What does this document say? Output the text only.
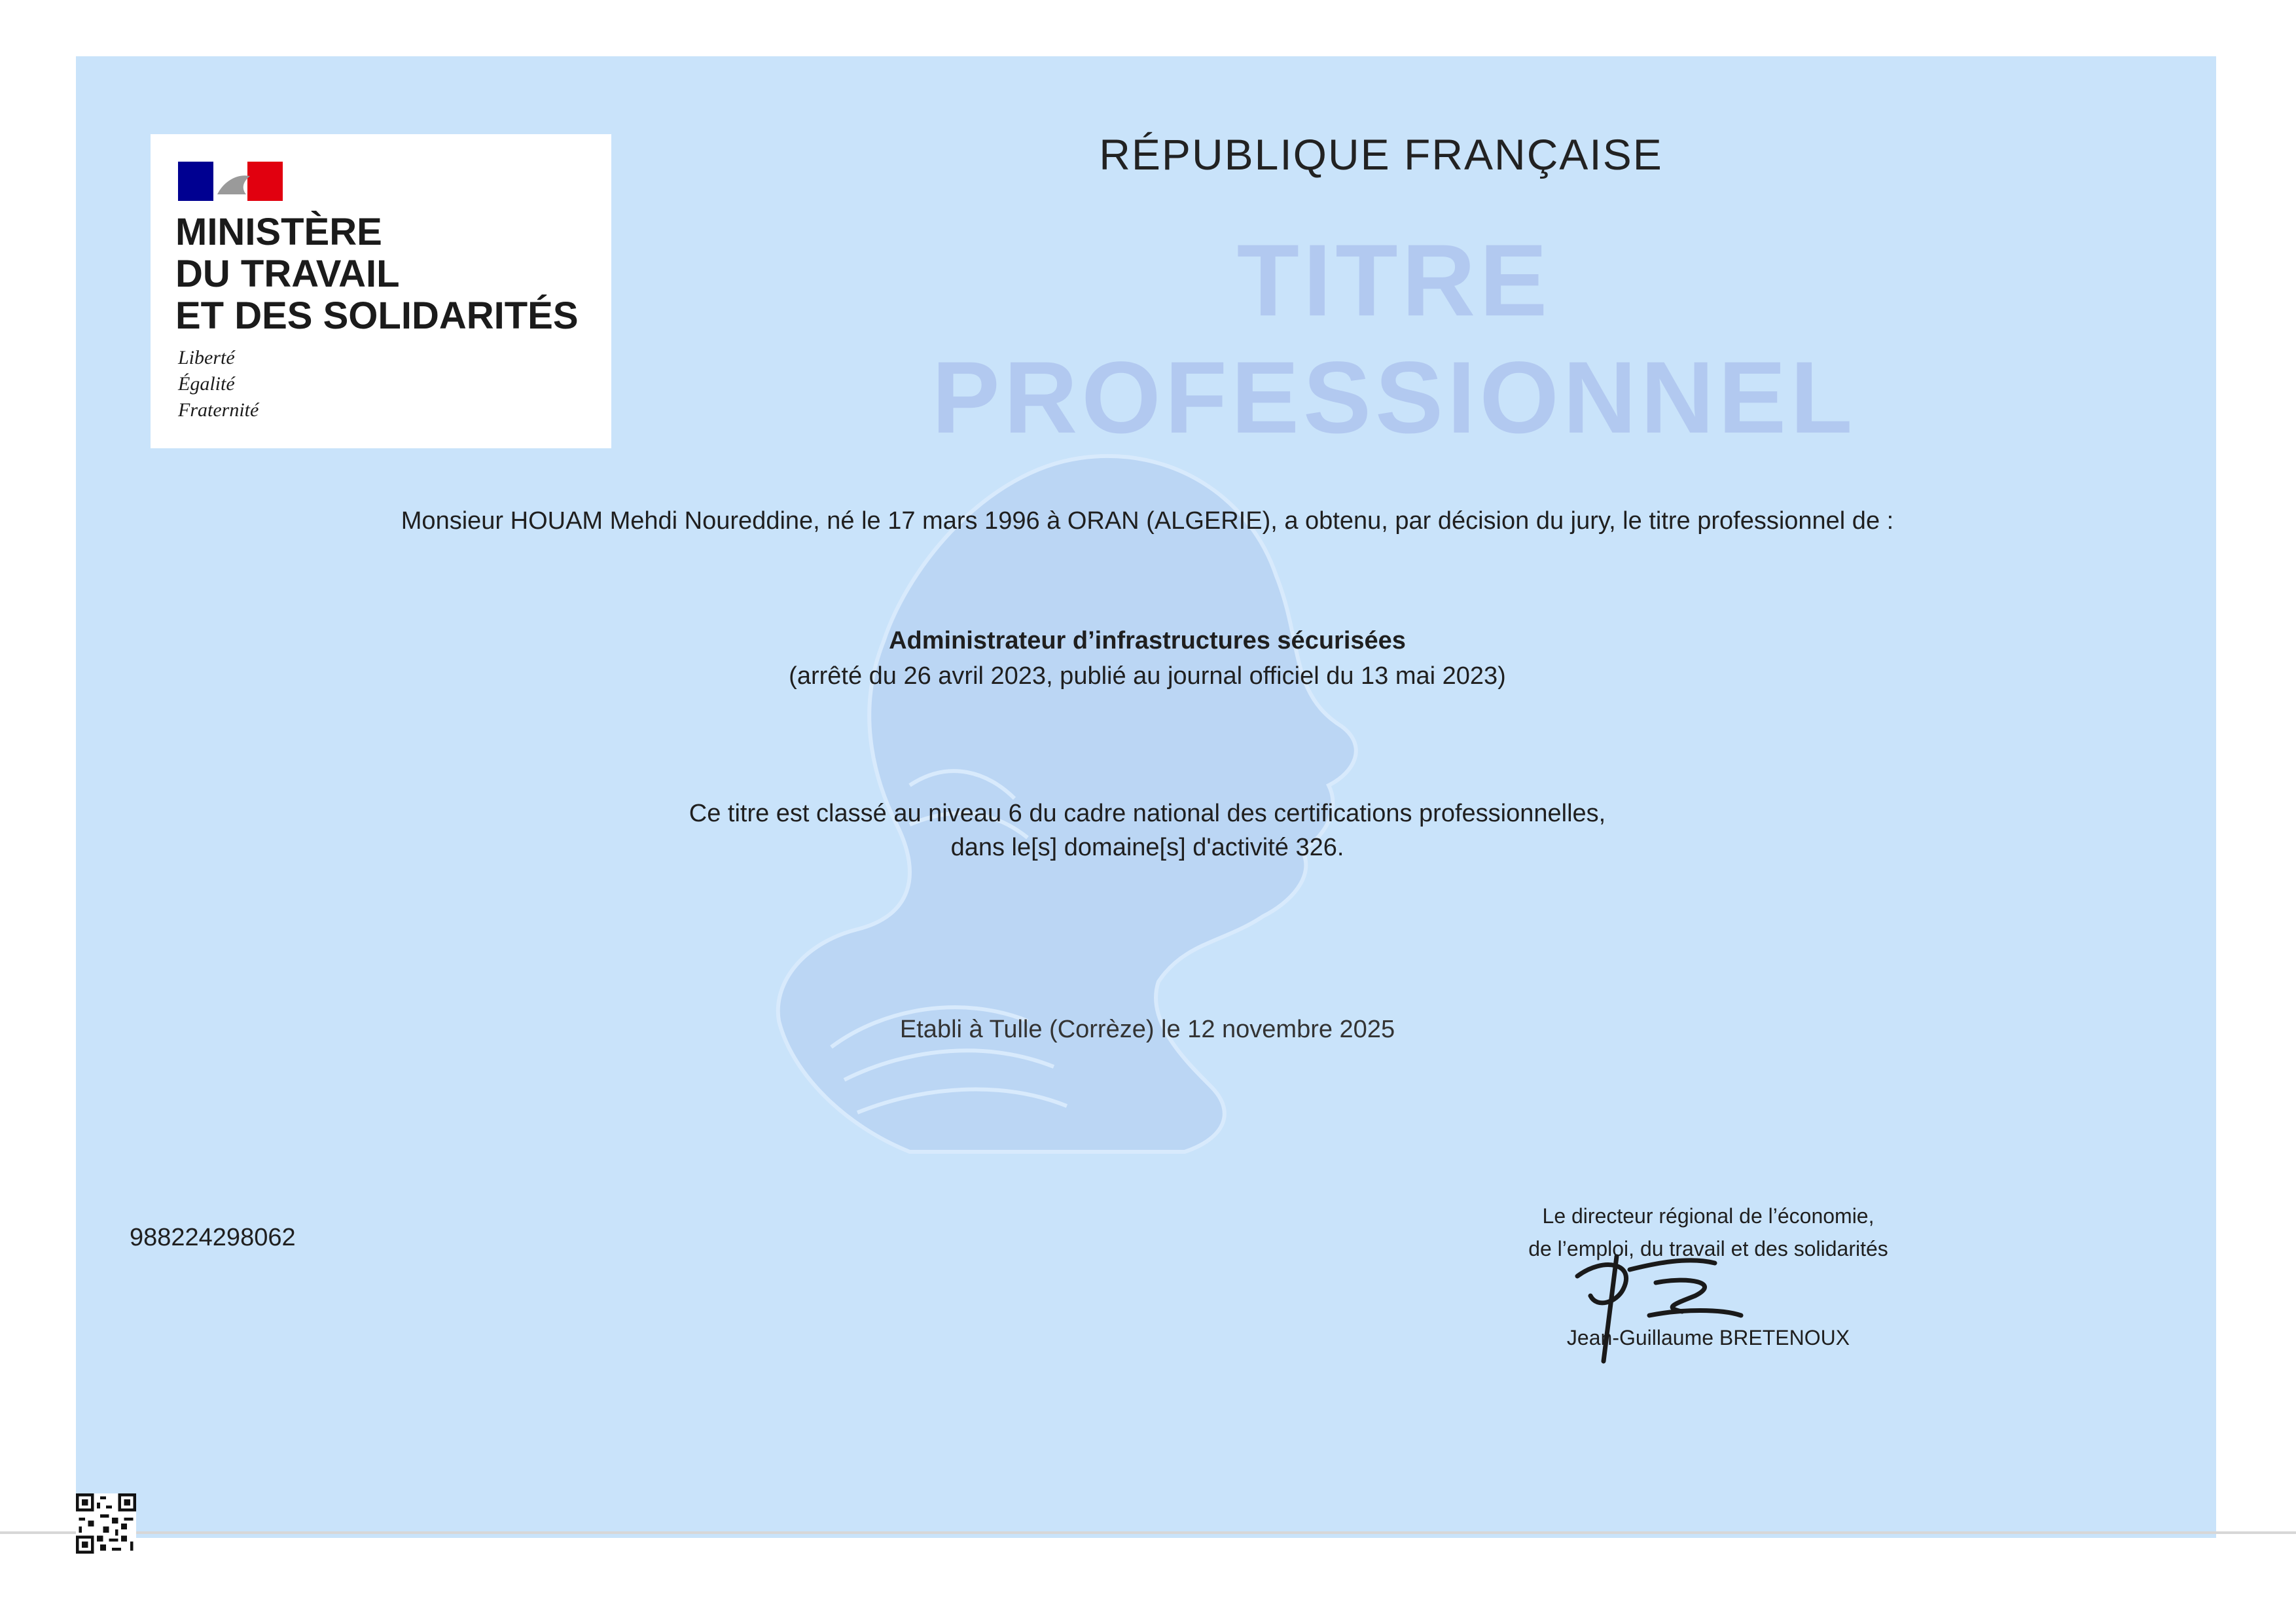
MINISTÈRE
DU TRAVAIL
ET DES SOLIDARITÉS
Liberté
Égalité
Fraternité
RÉPUBLIQUE FRANÇAISE
TITRE PROFESSIONNEL
Monsieur HOUAM Mehdi Noureddine, né le 17 mars 1996 à ORAN (ALGERIE), a obtenu, par décision du jury, le titre professionnel de :
Administrateur d’infrastructures sécurisées
(arrêté du 26 avril 2023, publié au journal officiel du 13 mai 2023)
Ce titre est classé au niveau 6 du cadre national des certifications professionnelles,
dans le[s] domaine[s] d'activité 326.
Etabli à Tulle (Corrèze) le 12 novembre 2025
988224298062
Le directeur régional de l’économie,
de l’emploi, du travail et des solidarités
Jean-Guillaume BRETENOUX
